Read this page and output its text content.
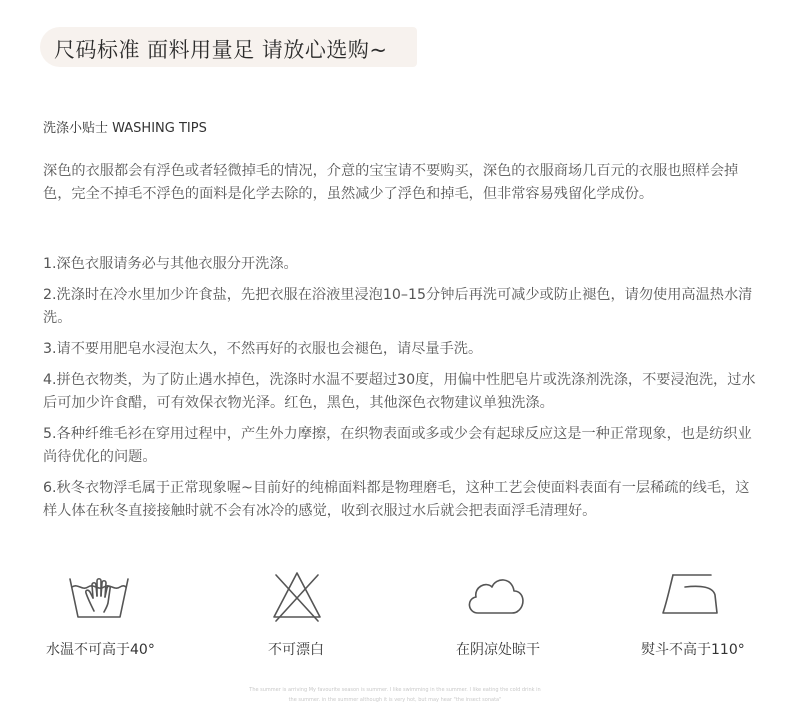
尺码标准 面料用量足 请放心选购~
洗涤小贴士 WASHING TIPS

深色的衣服都会有浮色或者轻微掉毛的情况，介意的宝宝请不要购买，深色的衣服商场几百元的衣服也照样会掉色，完全不掉毛不浮色的面料是化学去除的，虽然减少了浮色和掉毛，但非常容易残留化学成份。

1.深色衣服请务必与其他衣服分开洗涤。

2.洗涤时在冷水里加少许食盐，先把衣服在浴液里浸泡10–15分钟后再洗可减少或防止褪色，请勿使用高温热水清洗。

3.请不要用肥皂水浸泡太久，不然再好的衣服也会褪色，请尽量手洗。

4.拼色衣物类，为了防止遇水掉色，洗涤时水温不要超过30度，用偏中性肥皂片或洗涤剂洗涤，不要浸泡洗，过水后可加少许食醋，可有效保衣物光泽。红色，黑色，其他深色衣物建议单独洗涤。

5.各种纤维毛衫在穿用过程中，产生外力摩擦，在织物表面或多或少会有起球反应这是一种正常现象，也是纺织业尚待优化的问题。

6.秋冬衣物浮毛属于正常现象喔~目前好的纯棉面料都是物理磨毛，这种工艺会使面料表面有一层稀疏的线毛，这样人体在秋冬直接接触时就不会有冰冷的感觉，收到衣服过水后就会把表面浮毛清理好。

水温不可高于40°	不可漂白	在阴凉处晾干	熨斗不高于110°
The summer is arriving My favourite season is summer. I like swimming in the summer. I like eating the cold drink in
the summer. in the summer although it is very hot, but may hear "the insect sonata"
